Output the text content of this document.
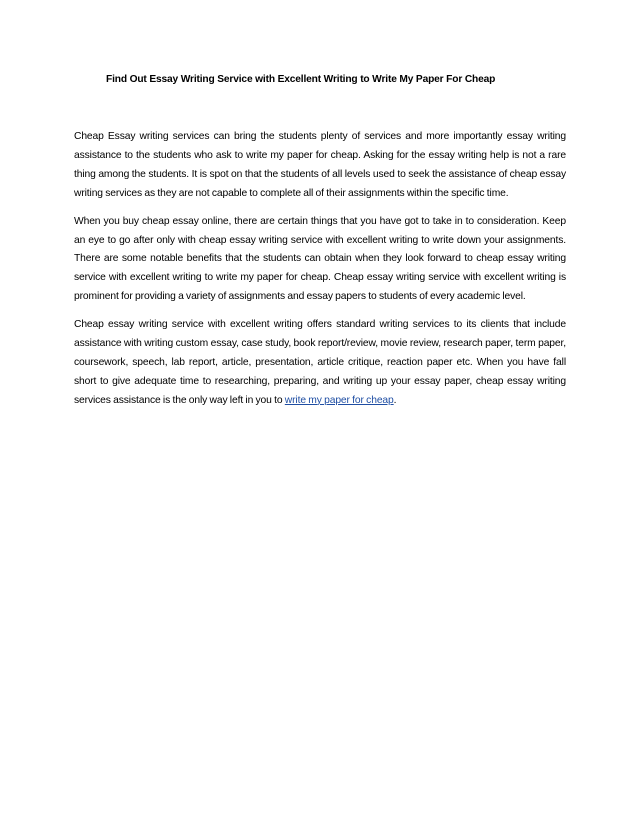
Find Out Essay Writing Service with Excellent Writing to Write My Paper For Cheap

Cheap Essay writing services can bring the students plenty of services and more importantly essay writing assistance to the students who ask to write my paper for cheap. Asking for the essay writing help is not a rare thing among the students. It is spot on that the students of all levels used to seek the assistance of cheap essay writing services as they are not capable to complete all of their assignments within the specific time.

When you buy cheap essay online, there are certain things that you have got to take in to consideration. Keep an eye to go after only with cheap essay writing service with excellent writing to write down your assignments. There are some notable benefits that the students can obtain when they look forward to cheap essay writing service with excellent writing to write my paper for cheap. Cheap essay writing service with excellent writing is prominent for providing a variety of assignments and essay papers to students of every academic level.

Cheap essay writing service with excellent writing offers standard writing services to its clients that include assistance with writing custom essay, case study, book report/review, movie review, research paper, term paper, coursework, speech, lab report, article, presentation, article critique, reaction paper etc. When you have fall short to give adequate time to researching, preparing, and writing up your essay paper, cheap essay writing services assistance is the only way left in you to write my paper for cheap.
